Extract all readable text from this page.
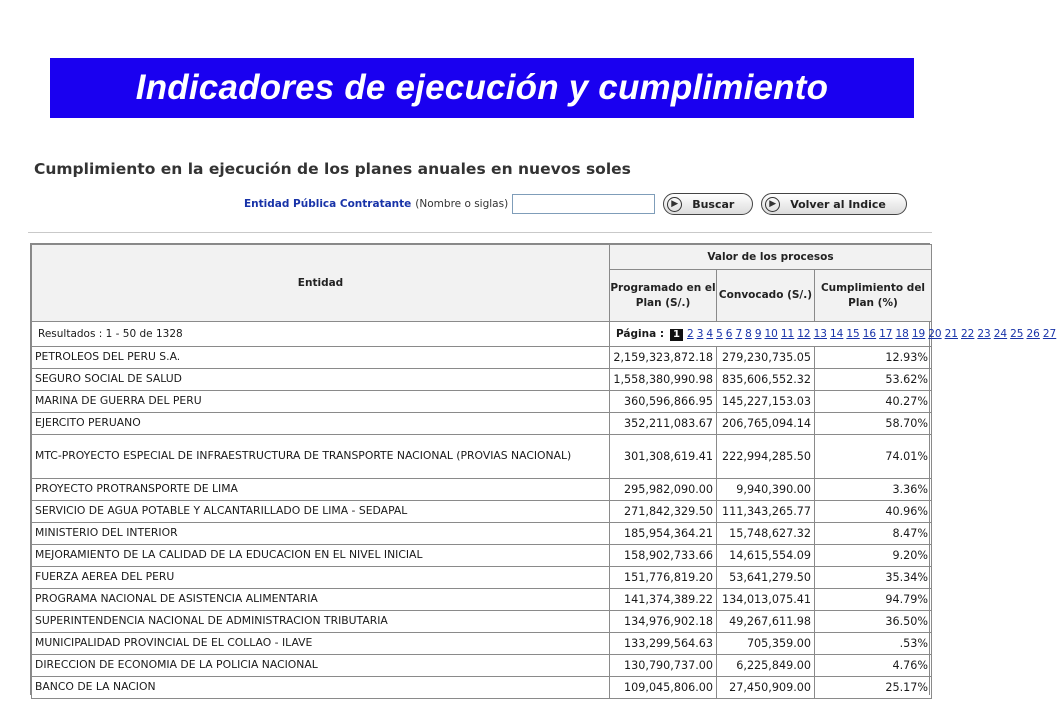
Indicadores de ejecución y cumplimiento
Cumplimiento en la ejecución de los planes anuales en nuevos soles
Entidad Pública Contratante (Nombre o siglas)	▶	Buscar	▶	Volver al Indice
Resultados : 1 - 50 de 1328	Página : 1 2 3 4 5 6 7 8 9 10 11 12 13 14 15 16 17 18 19 20 21 22 23 24 25 26 27		
Entidad	Valor de los procesos		
	Programado en el Plan (S/.)	Convocado (S/.)	Cumplimiento del Plan (%)
PETROLEOS DEL PERU S.A.	2,159,323,872.18	279,230,735.05	12.93%
SEGURO SOCIAL DE SALUD	1,558,380,990.98	835,606,552.32	53.62%
MARINA DE GUERRA DEL PERU	360,596,866.95	145,227,153.03	40.27%
EJERCITO PERUANO	352,211,083.67	206,765,094.14	58.70%
MTC-PROYECTO ESPECIAL DE INFRAESTRUCTURA DE TRANSPORTE NACIONAL (PROVIAS NACIONAL)	301,308,619.41	222,994,285.50	74.01%
PROYECTO PROTRANSPORTE DE LIMA	295,982,090.00	9,940,390.00	3.36%
SERVICIO DE AGUA POTABLE Y ALCANTARILLADO DE LIMA - SEDAPAL	271,842,329.50	111,343,265.77	40.96%
MINISTERIO DEL INTERIOR	185,954,364.21	15,748,627.32	8.47%
MEJORAMIENTO DE LA CALIDAD DE LA EDUCACION EN EL NIVEL INICIAL	158,902,733.66	14,615,554.09	9.20%
FUERZA AEREA DEL PERU	151,776,819.20	53,641,279.50	35.34%
PROGRAMA NACIONAL DE ASISTENCIA ALIMENTARIA	141,374,389.22	134,013,075.41	94.79%
SUPERINTENDENCIA NACIONAL DE ADMINISTRACION TRIBUTARIA	134,976,902.18	49,267,611.98	36.50%
MUNICIPALIDAD PROVINCIAL DE EL COLLAO - ILAVE	133,299,564.63	705,359.00	.53%
DIRECCION DE ECONOMIA DE LA POLICIA NACIONAL	130,790,737.00	6,225,849.00	4.76%
BANCO DE LA NACION	109,045,806.00	27,450,909.00	25.17%
